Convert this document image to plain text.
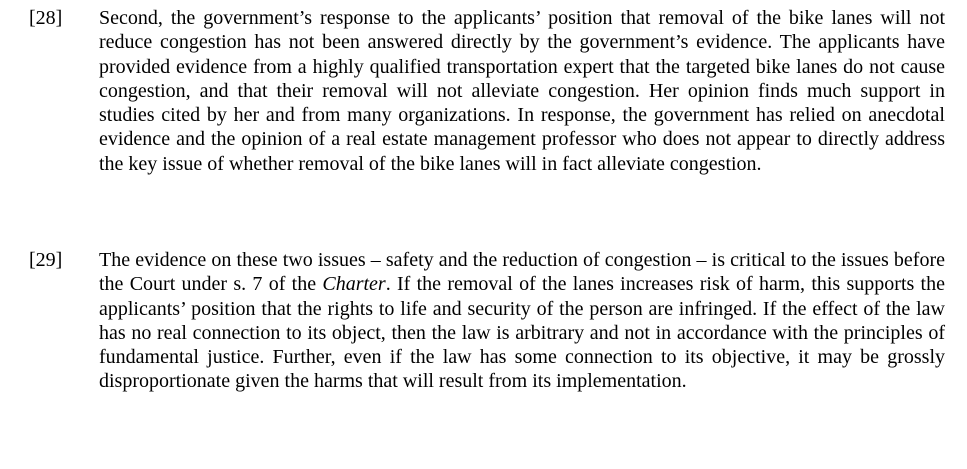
[28] Second, the government’s response to the applicants’ position that removal of the bike lanes will not reduce congestion has not been answered directly by the government’s evidence. The applicants have provided evidence from a highly qualified transportation expert that the targeted bike lanes do not cause congestion, and that their removal will not alleviate congestion. Her opinion finds much support in studies cited by her and from many organizations. In response, the government has relied on anecdotal evidence and the opinion of a real estate management professor who does not appear to directly address the key issue of whether removal of the bike lanes will in fact alleviate congestion.
[29] The evidence on these two issues – safety and the reduction of congestion – is critical to the issues before the Court under s. 7 of the Charter. If the removal of the lanes increases risk of harm, this supports the applicants’ position that the rights to life and security of the person are infringed. If the effect of the law has no real connection to its object, then the law is arbitrary and not in accordance with the principles of fundamental justice. Further, even if the law has some connection to its objective, it may be grossly disproportionate given the harms that will result from its implementation.
